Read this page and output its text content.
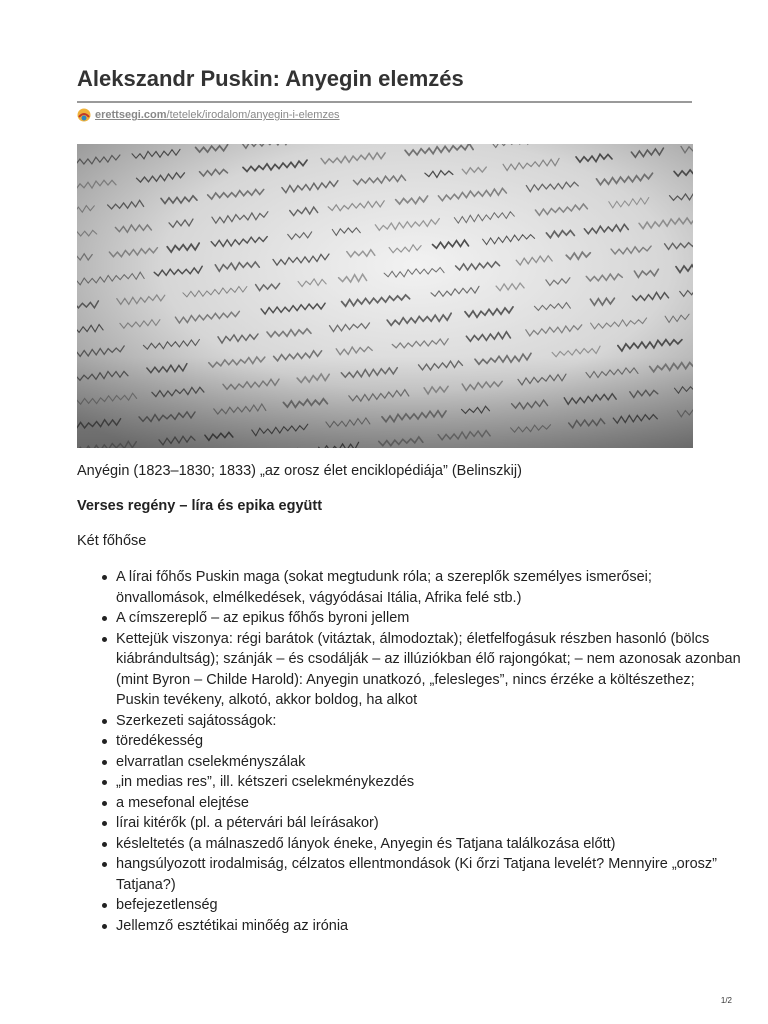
Alekszandr Puskin: Anyegin elemzés
erettsegi.com/tetelek/irodalom/anyegin-i-elemzes

Anyégin (1823–1830; 1833) „az orosz élet enciklopédiája” (Belinszkij)

Verses regény – líra és epika együtt

Két főhőse

A lírai főhős Puskin maga (sokat megtudunk róla; a szereplők személyes ismerősei; önvallomások, elmélkedések, vágyódásai Itália, Afrika felé stb.)
A címszereplő – az epikus főhős byroni jellem
Kettejük viszonya: régi barátok (vitáztak, álmodoztak); életfelfogásuk részben hasonló (bölcs kiábrándultság); szánják – és csodálják – az illúziókban élő rajongókat; – nem azonosak azonban (mint Byron – Childe Harold): Anyegin unatkozó, „felesleges”, nincs érzéke a költészethez; Puskin tevékeny, alkotó, akkor boldog, ha alkot
Szerkezeti sajátosságok:
töredékesség
elvarratlan cselekményszálak
„in medias res”, ill. kétszeri cselekménykezdés
a mesefonal elejtése
lírai kitérők (pl. a pétervári bál leírásakor)
késleltetés (a málnaszedő lányok éneke, Anyegin és Tatjana találkozása előtt)
hangsúlyozott irodalmiság, célzatos ellentmondások (Ki őrzi Tatjana levelét? Mennyire „orosz” Tatjana?)
befejezetlenség
Jellemző esztétikai minőég az irónia
1/2
